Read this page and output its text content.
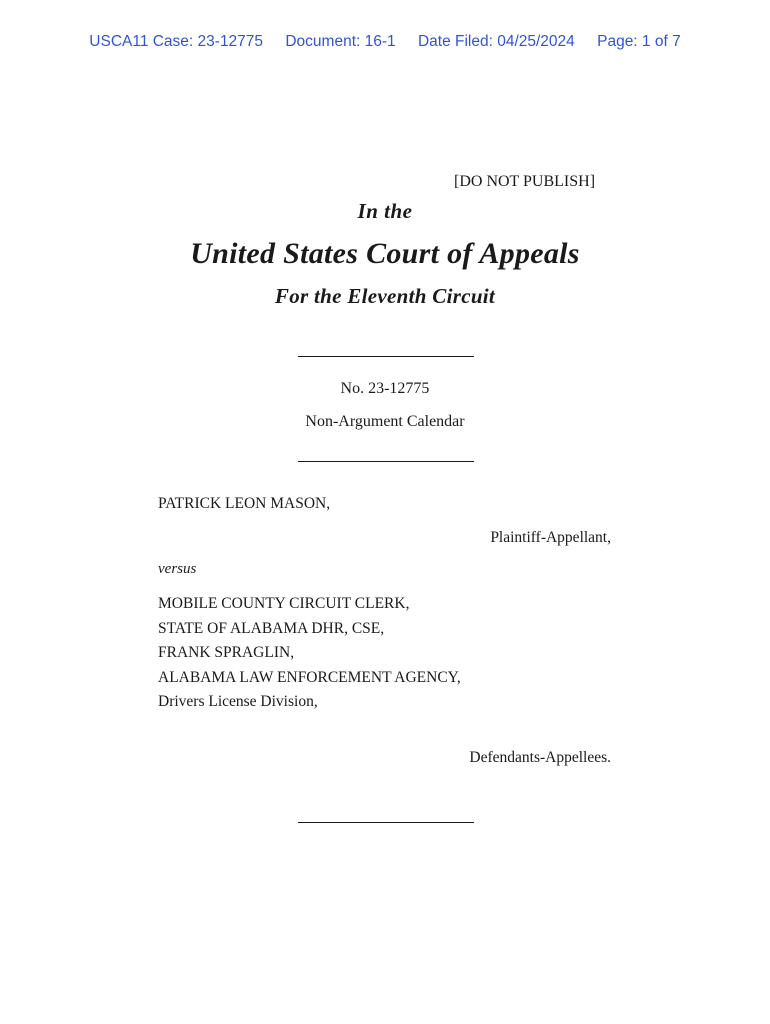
USCA11 Case: 23-12775 Document: 16-1 Date Filed: 04/25/2024 Page: 1 of 7
[DO NOT PUBLISH]
In the
United States Court of Appeals
For the Eleventh Circuit
No. 23-12775
Non-Argument Calendar
PATRICK LEON MASON,
Plaintiff-Appellant,
versus
MOBILE COUNTY CIRCUIT CLERK,
STATE OF ALABAMA DHR, CSE,
FRANK SPRAGLIN,
ALABAMA LAW ENFORCEMENT AGENCY,
Drivers License Division,
Defendants-Appellees.
